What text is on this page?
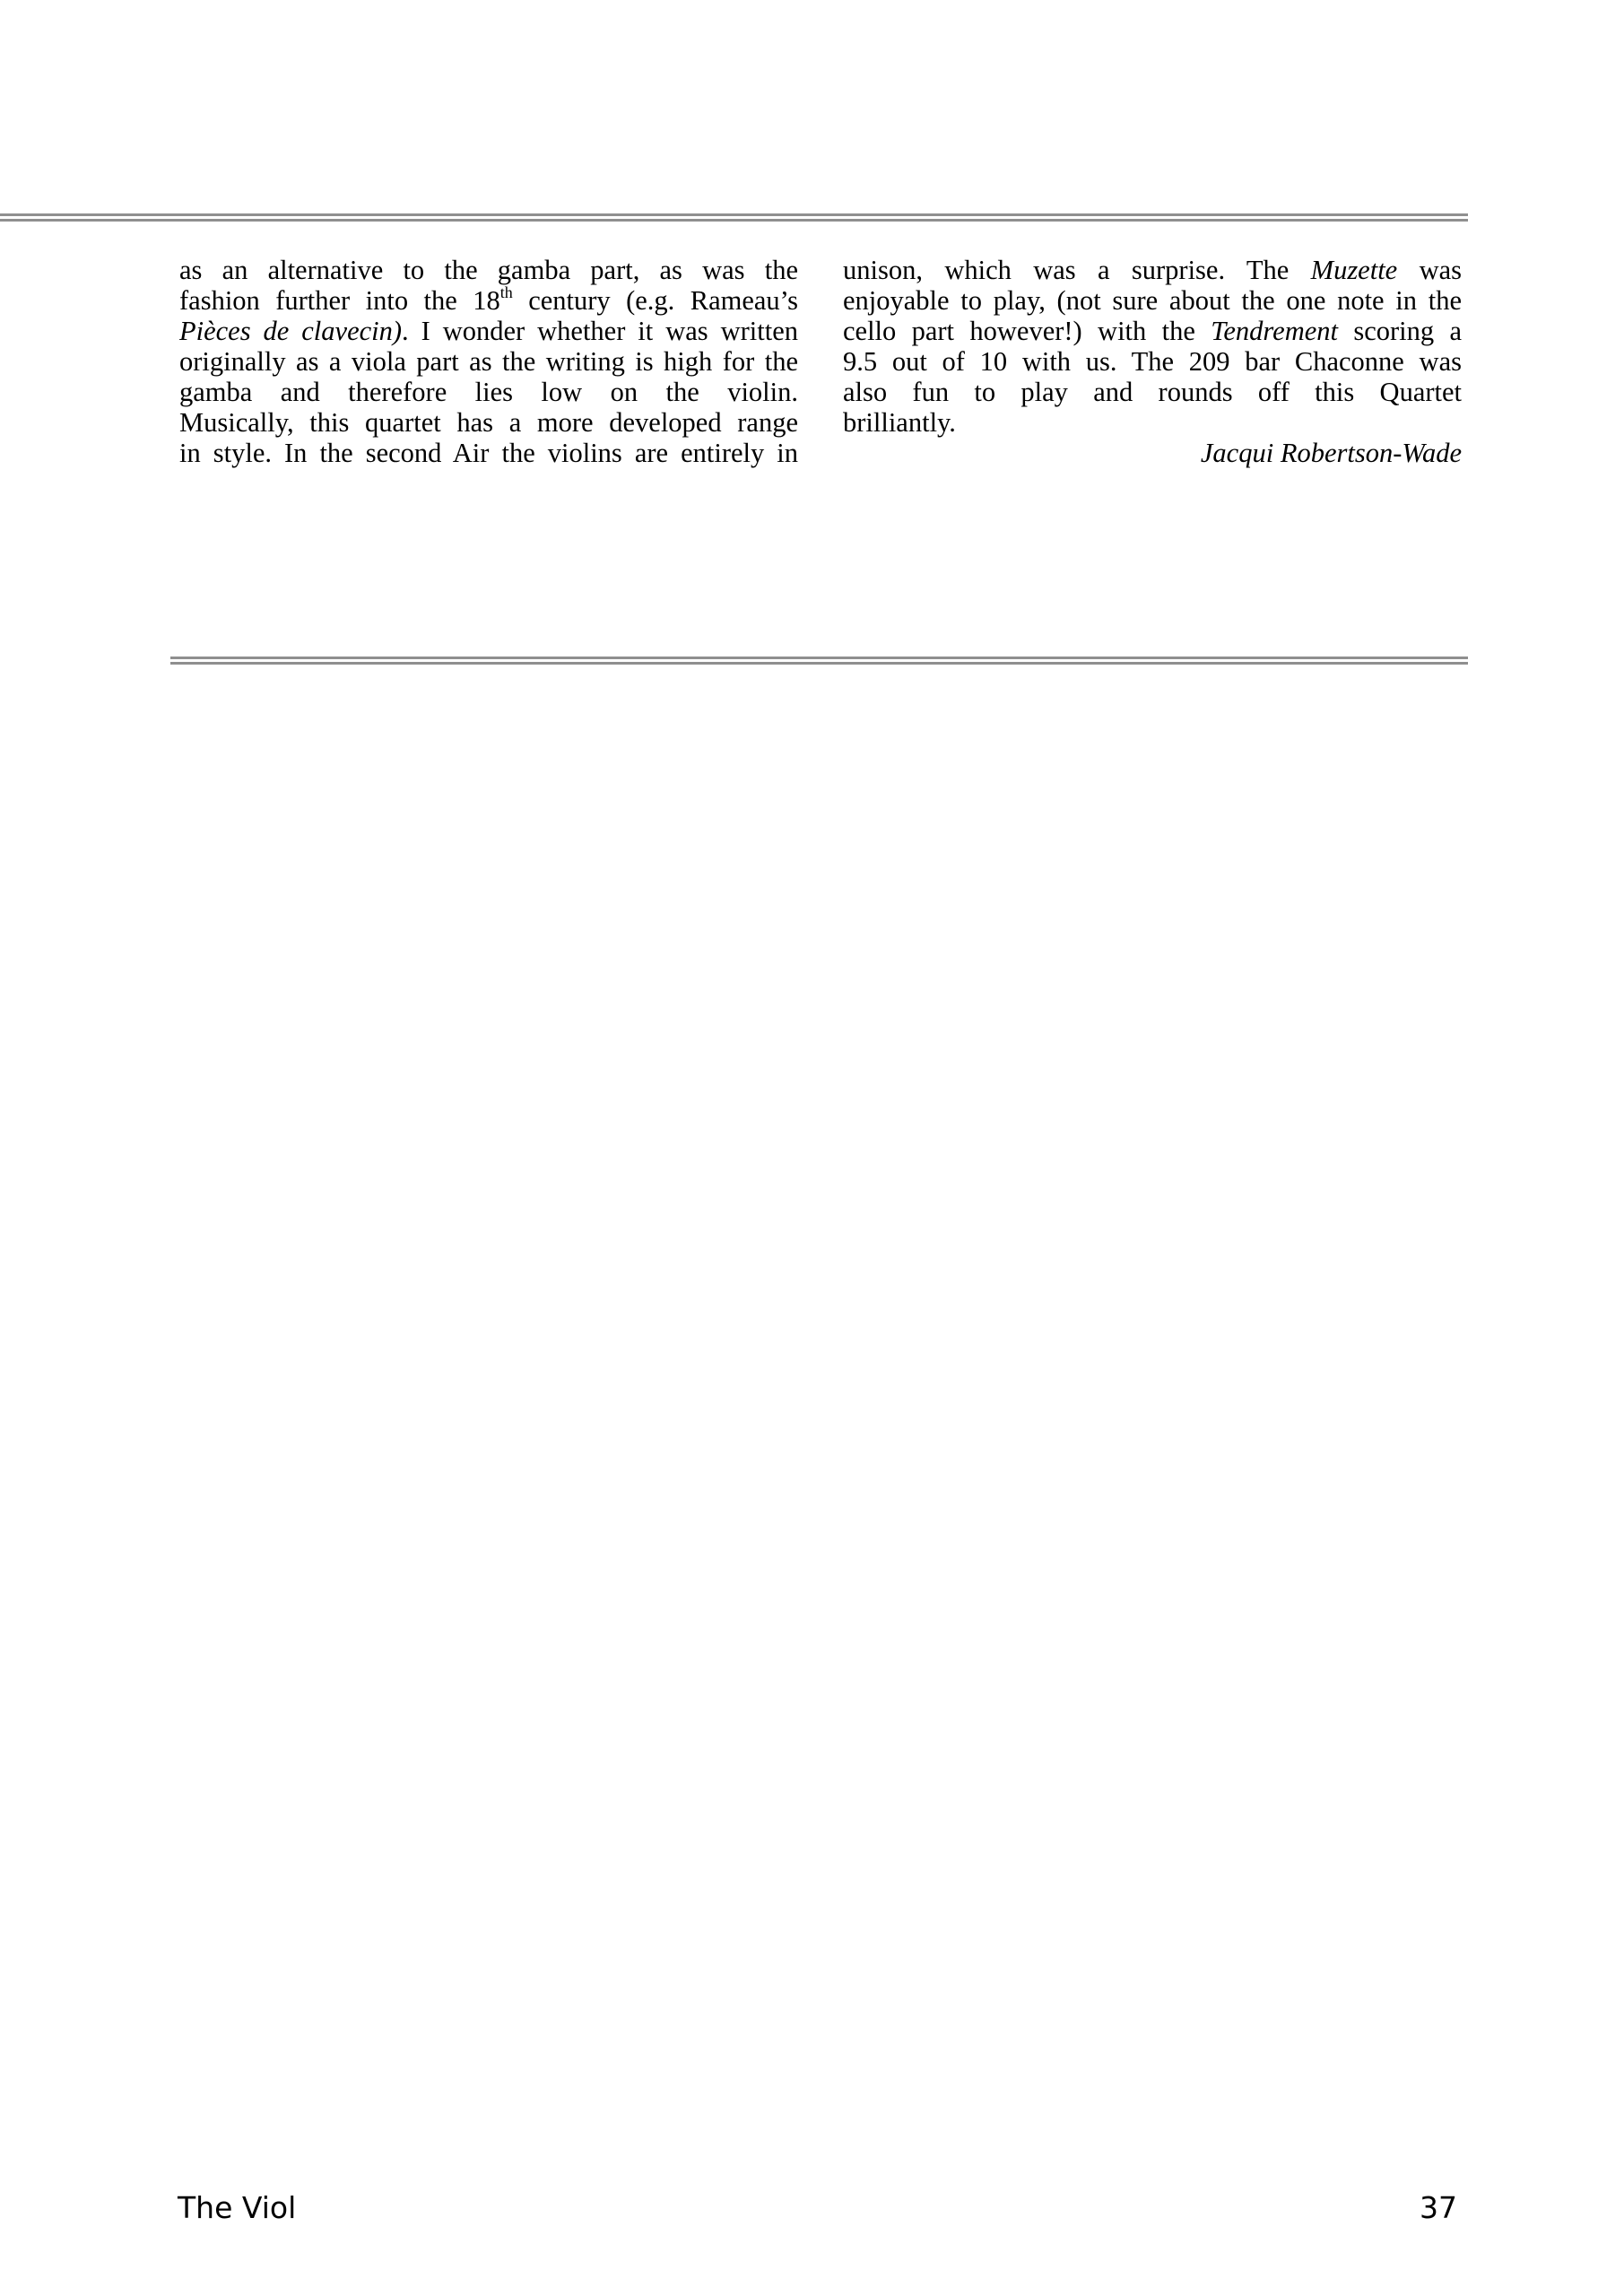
as an alternative to the gamba part, as was the
fashion further into the 18th century (e.g. Rameau’s
Pièces de clavecin). I wonder whether it was written
originally as a viola part as the writing is high for the
gamba and therefore lies low on the violin.
Musically, this quartet has a more developed range
in style. In the second Air the violins are entirely in
unison, which was a surprise. The Muzette was
enjoyable to play, (not sure about the one note in the
cello part however!) with the Tendrement scoring a
9.5 out of 10 with us. The 209 bar Chaconne was
also fun to play and rounds off this Quartet
brilliantly.
Jacqui Robertson-Wade
The Viol	37
